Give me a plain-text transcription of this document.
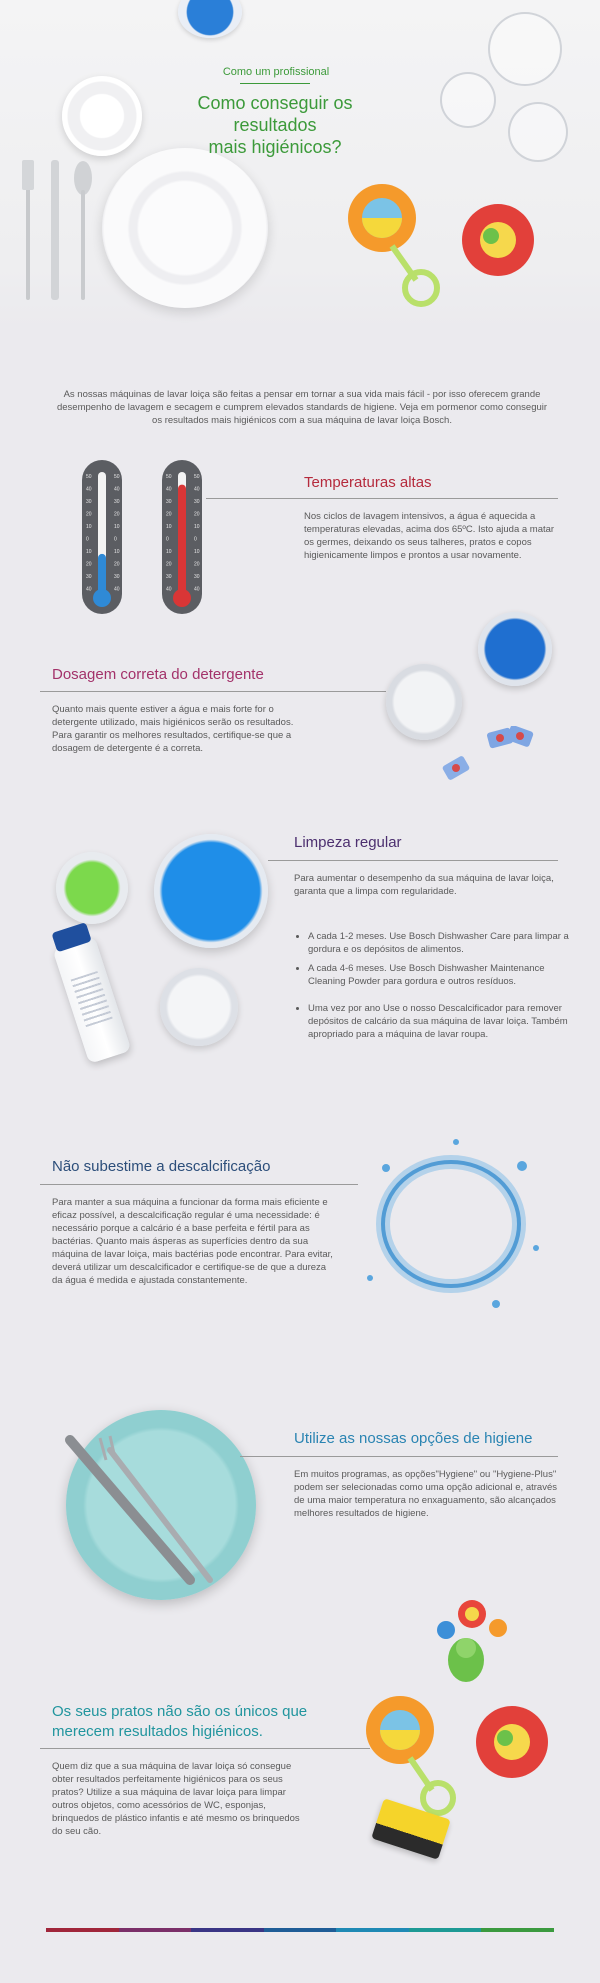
Como um profissional
Como conseguir os resultados
mais higiénicos?
As nossas máquinas de lavar loiça são feitas a pensar em tornar a sua vida mais fácil - por isso oferecem grande desempenho de lavagem e secagem e cumprem elevados standards de higiene. Veja em pormenor como conseguir os resultados mais higiénicos com a sua máquina de lavar loiça Bosch.
50	50	50	50
40	40	40	40
30	30	30	30
20	20	20	20
10	10	10	10
0	0	0	0
10	10	10	10
20	20	20	20
30	30	30	30
40	40	40	40
Temperaturas altas
Nos ciclos de lavagem intensivos, a água é aquecida a temperaturas elevadas, acima dos 65ºC. Isto ajuda a matar os germes, deixando os seus talheres, pratos e copos higienicamente limpos e prontos a usar novamente.
Dosagem correta do detergente
Quanto mais quente estiver a água e mais forte for o detergente utilizado, mais higiénicos serão os resultados. Para garantir os melhores resultados, certifique-se que a dosagem de detergente é a correta.
Limpeza regular
Para aumentar o desempenho da sua máquina de lavar loiça, garanta que a limpa com regularidade.
• A cada 1-2 meses. Use Bosch Dishwasher Care para limpar a gordura e os depósitos de alimentos.
• A cada 4-6 meses. Use Bosch Dishwasher Maintenance Cleaning Powder para gordura e outros resíduos.
• Uma vez por ano Use o nosso Descalcificador para remover depósitos de calcário da sua máquina de lavar loiça. Também apropriado para a máquina de lavar roupa.
Não subestime a descalcificação
Para manter a sua máquina a funcionar da forma mais eficiente e eficaz possível, a descalcificação regular é uma necessidade: é necessário porque a calcário é a base perfeita e fértil para as bactérias. Quanto mais ásperas as superfícies dentro da sua máquina de lavar loiça, mais bactérias pode encontrar. Para evitar, deverá utilizar um descalcificador e certifique-se de que a dureza da água é medida e ajustada constantemente.
Utilize as nossas opções de higiene
Em muitos programas, as opções"Hygiene" ou "Hygiene-Plus" podem ser selecionadas como uma opção adicional e, através de uma maior temperatura no enxaguamento, são alcançados melhores resultados de higiene.
Os seus pratos não são os únicos que
merecem resultados higiénicos.
Quem diz que a sua máquina de lavar loiça só consegue obter resultados perfeitamente higiénicos para os seus pratos? Utilize a sua máquina de lavar loiça para limpar outros objetos, como acessórios de WC, esponjas, brinquedos de plástico infantis e até mesmo os brinquedos do seu cão.
